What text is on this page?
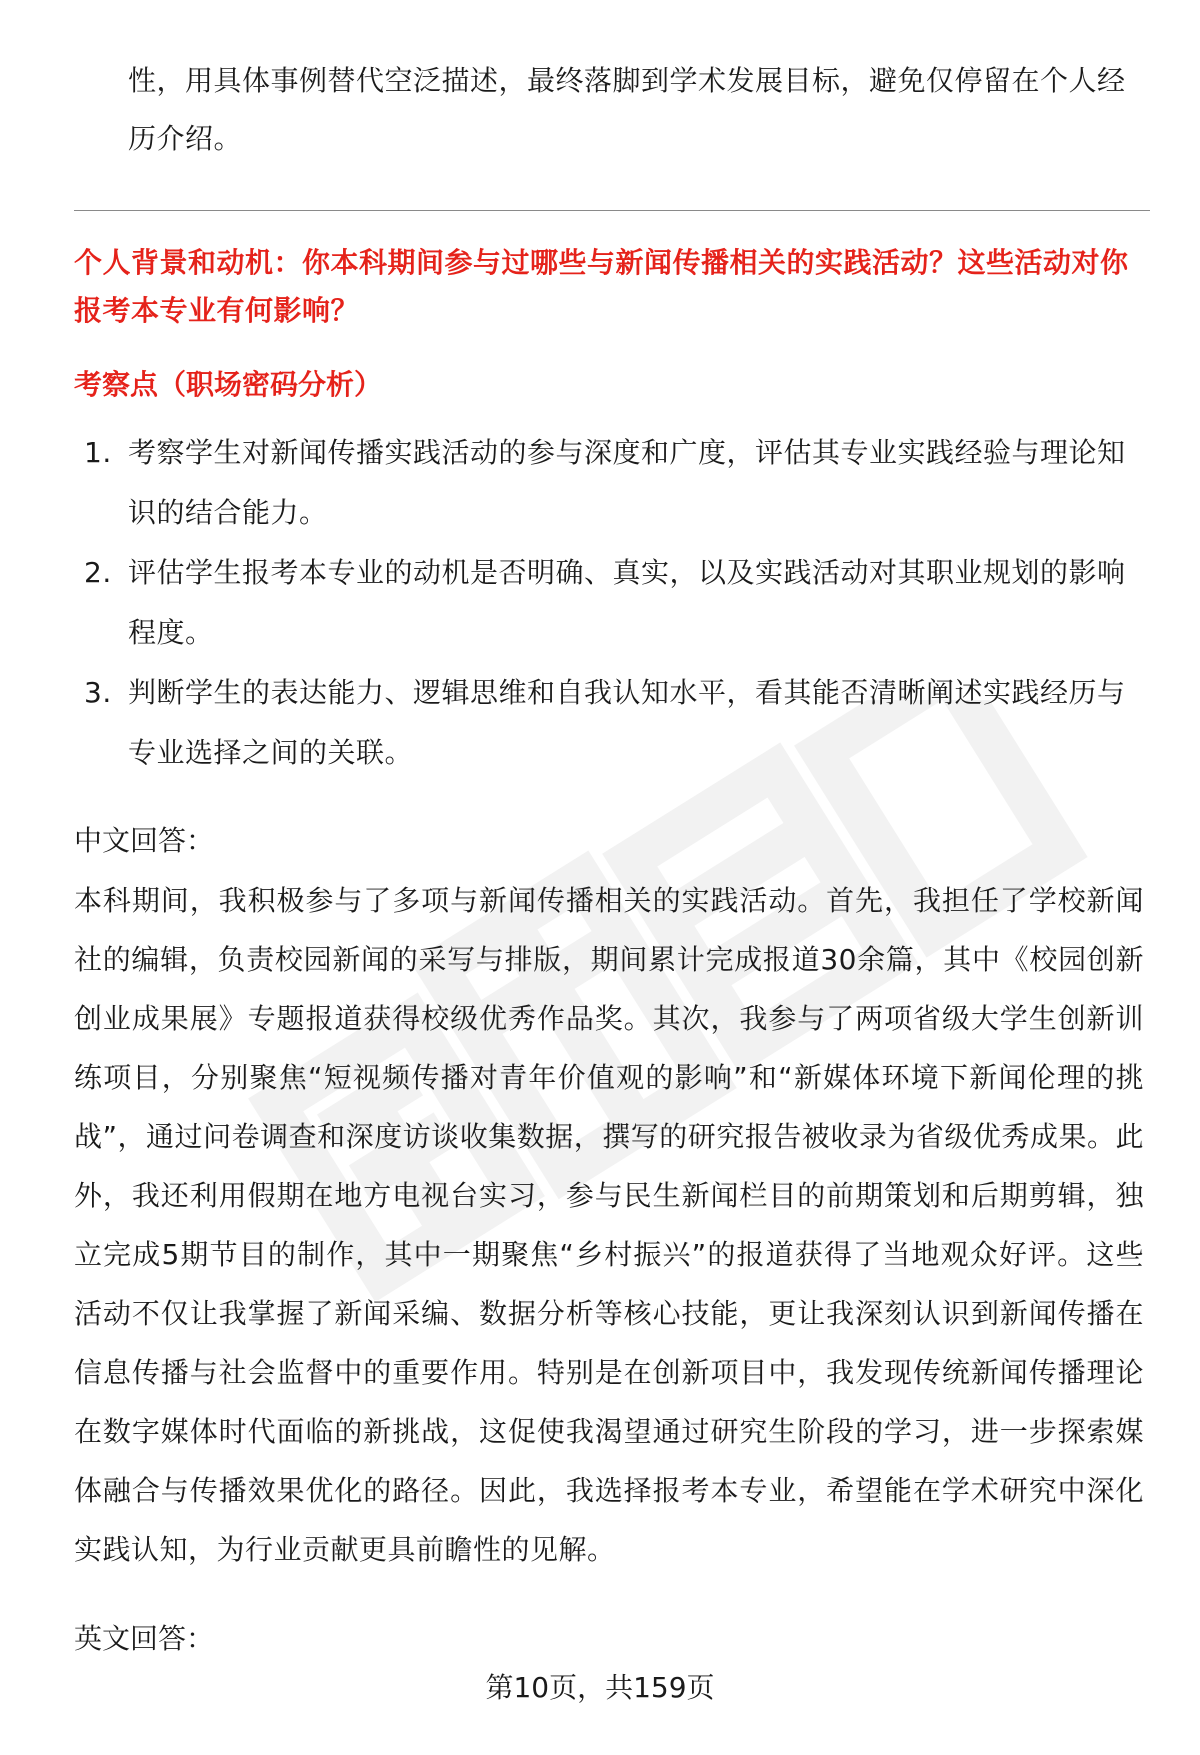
性，用具体事例替代空泛描述，最终落脚到学术发展目标，避免仅停留在个人经历介绍。

个人背景和动机：你本科期间参与过哪些与新闻传播相关的实践活动？这些活动对你报考本专业有何影响？

考察点（职场密码分析）

1. 考察学生对新闻传播实践活动的参与深度和广度，评估其专业实践经验与理论知识的结合能力。
2. 评估学生报考本专业的动机是否明确、真实，以及实践活动对其职业规划的影响程度。
3. 判断学生的表达能力、逻辑思维和自我认知水平，看其能否清晰阐述实践经历与专业选择之间的关联。

中文回答：

本科期间，我积极参与了多项与新闻传播相关的实践活动。首先，我担任了学校新闻社的编辑，负责校园新闻的采写与排版，期间累计完成报道30余篇，其中《校园创新创业成果展》专题报道获得校级优秀作品奖。其次，我参与了两项省级大学生创新训练项目，分别聚焦“短视频传播对青年价值观的影响”和“新媒体环境下新闻伦理的挑战”，通过问卷调查和深度访谈收集数据，撰写的研究报告被收录为省级优秀成果。此外，我还利用假期在地方电视台实习，参与民生新闻栏目的前期策划和后期剪辑，独立完成5期节目的制作，其中一期聚焦“乡村振兴”的报道获得了当地观众好评。这些活动不仅让我掌握了新闻采编、数据分析等核心技能，更让我深刻认识到新闻传播在信息传播与社会监督中的重要作用。特别是在创新项目中，我发现传统新闻传播理论在数字媒体时代面临的新挑战，这促使我渴望通过研究生阶段的学习，进一步探索媒体融合与传播效果优化的路径。因此，我选择报考本专业，希望能在学术研究中深化实践认知，为行业贡献更具前瞻性的见解。

英文回答：

第10页，共159页
